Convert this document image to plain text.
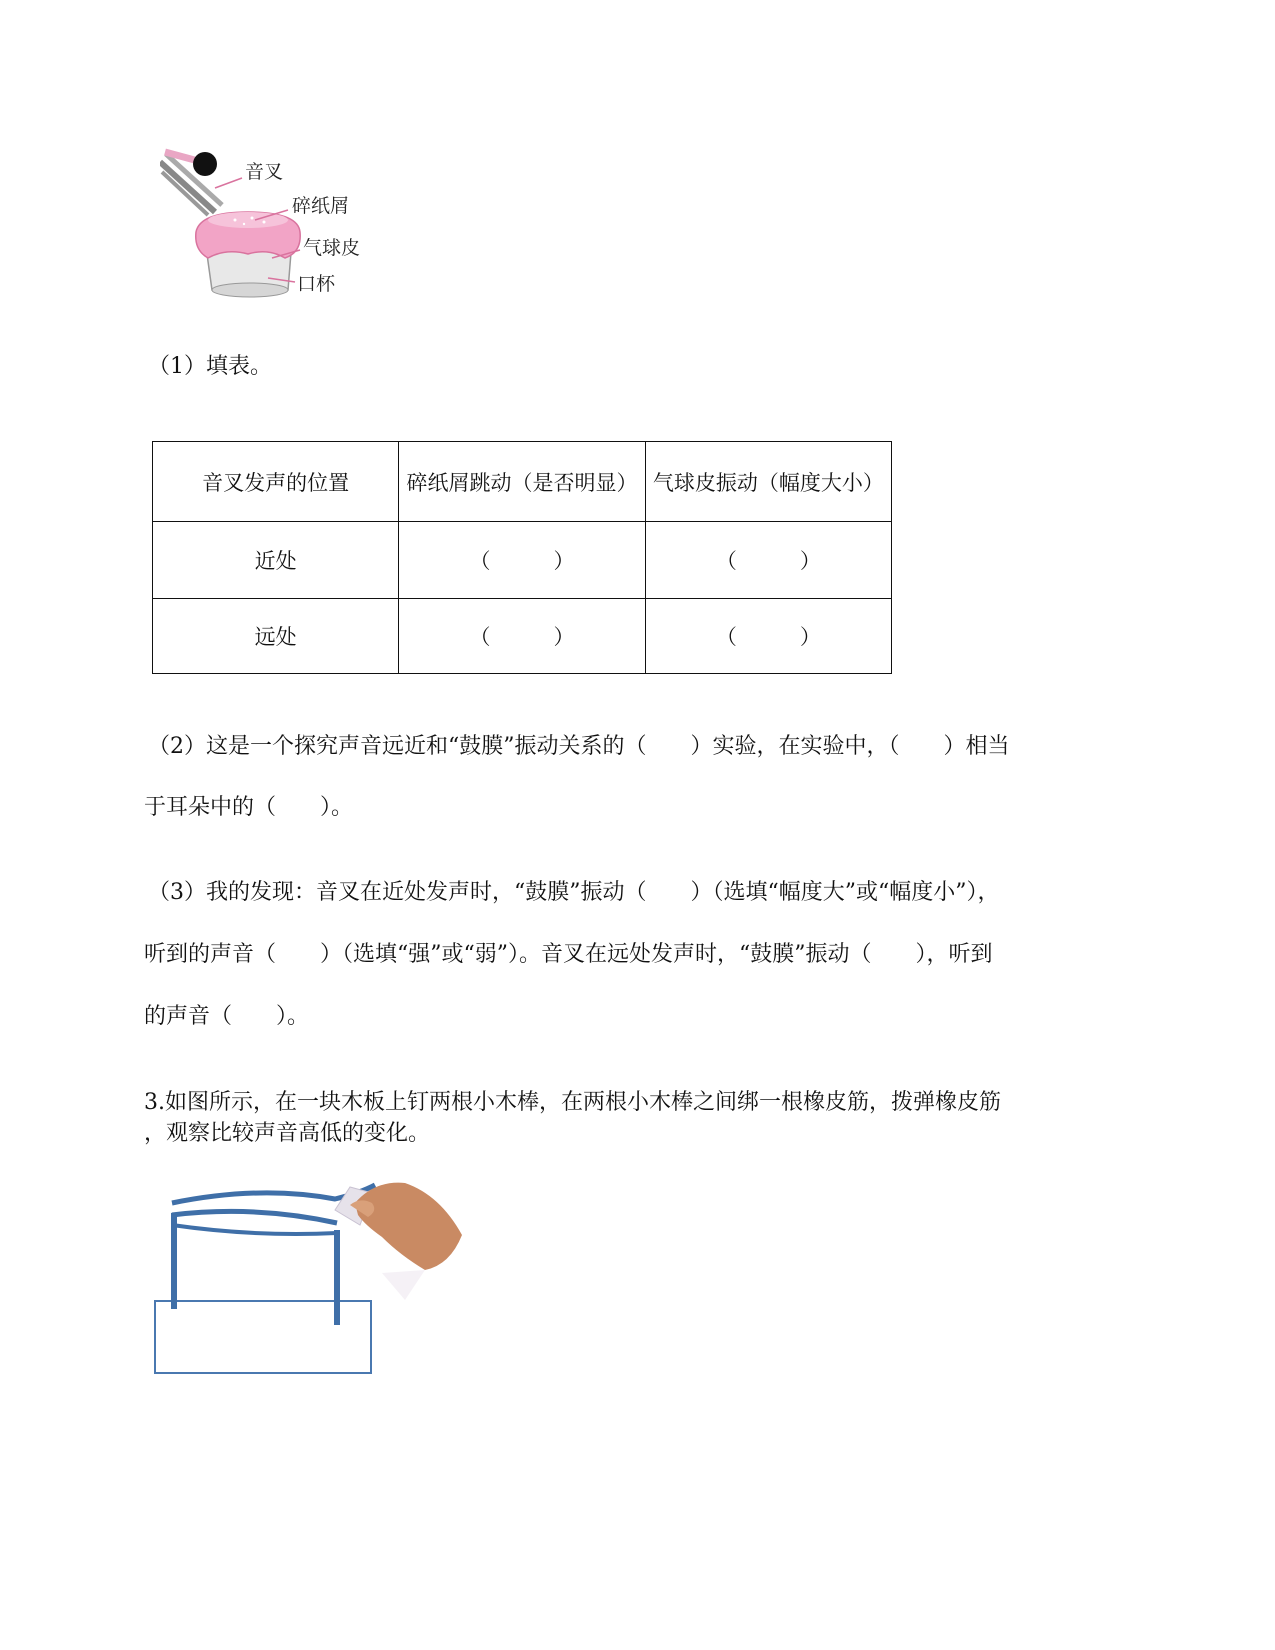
音叉
碎纸屑
气球皮
口杯
（1）填表。
音叉发声的位置	碎纸屑跳动（是否明显）	气球皮振动（幅度大小）
近处	（　　　）	（　　　）
远处	（　　　）	（　　　）
（2）这是一个探究声音远近和“鼓膜”振动关系的（　　）实验，在实验中，（　　）相当
于耳朵中的（　　）。
（3）我的发现：音叉在近处发声时，“鼓膜”振动（　　）（选填“幅度大”或“幅度小”），
听到的声音（　　）（选填“强”或“弱”）。音叉在远处发声时，“鼓膜”振动（　　），听到
的声音（　　）。
3.如图所示，在一块木板上钉两根小木棒，在两根小木棒之间绑一根橡皮筋，拨弹橡皮筋
，观察比较声音高低的变化。
